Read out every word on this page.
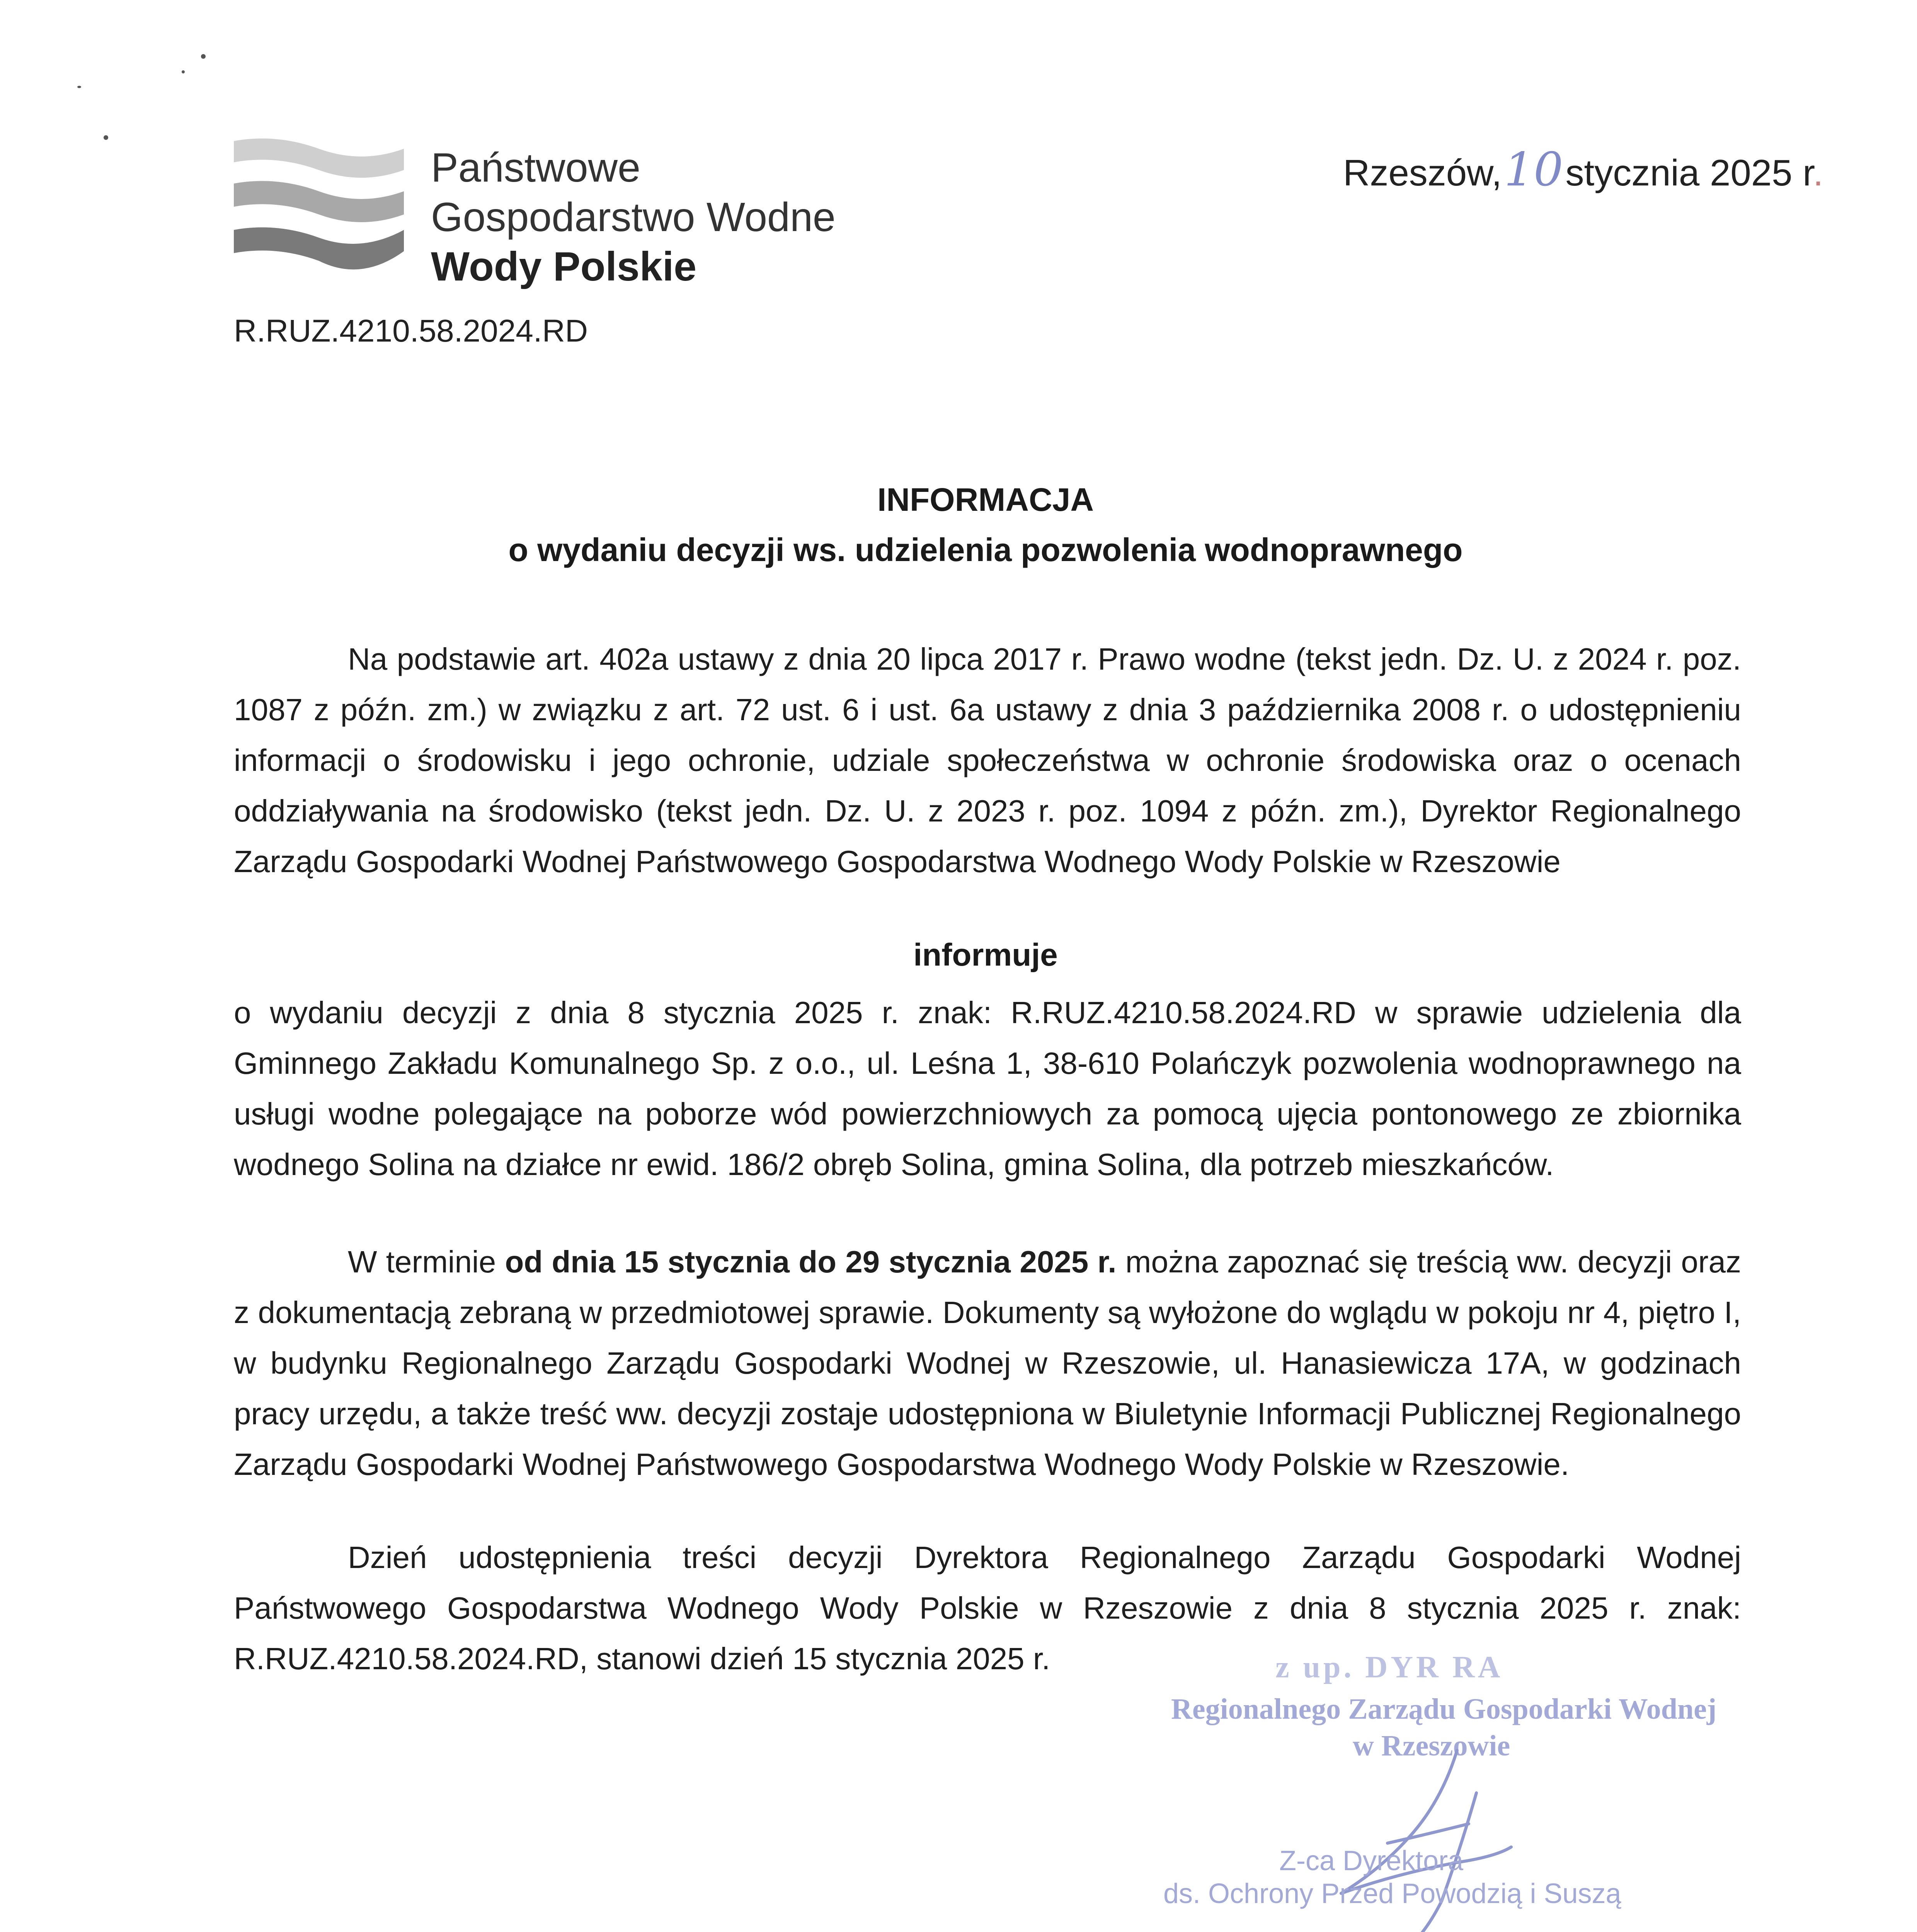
Państwowe
Gospodarstwo Wodne
Wody Polskie
Rzeszów,10stycznia 2025 r.
R.RUZ.4210.58.2024.RD
INFORMACJA
o wydaniu decyzji ws. udzielenia pozwolenia wodnoprawnego
Na podstawie art. 402a ustawy z dnia 20 lipca 2017 r. Prawo wodne (tekst jedn. Dz. U. z 2024 r. poz. 1087 z późn. zm.) w związku z art. 72 ust. 6 i ust. 6a ustawy z dnia 3 października 2008 r. o udostępnieniu informacji o środowisku i jego ochronie, udziale społeczeństwa w ochronie środowiska oraz o ocenach oddziaływania na środowisko (tekst jedn. Dz. U. z 2023 r. poz. 1094 z późn. zm.), Dyrektor Regionalnego Zarządu Gospodarki Wodnej Państwowego Gospodarstwa Wodnego Wody Polskie w Rzeszowie
informuje
o wydaniu decyzji z dnia 8 stycznia 2025 r. znak: R.RUZ.4210.58.2024.RD w sprawie udzielenia dla Gminnego Zakładu Komunalnego Sp. z o.o., ul. Leśna 1, 38-610 Polańczyk pozwolenia wodnoprawnego na usługi wodne polegające na poborze wód powierzchniowych za pomocą ujęcia pontonowego ze zbiornika wodnego Solina na działce nr ewid. 186/2 obręb Solina, gmina Solina, dla potrzeb mieszkańców.
W terminie od dnia 15 stycznia do 29 stycznia 2025 r. można zapoznać się treścią ww. decyzji oraz z dokumentacją zebraną w przedmiotowej sprawie. Dokumenty są wyłożone do wglądu w pokoju nr 4, piętro I, w budynku Regionalnego Zarządu Gospodarki Wodnej w Rzeszowie, ul. Hanasiewicza 17A, w godzinach pracy urzędu, a także treść ww. decyzji zostaje udostępniona w Biuletynie Informacji Publicznej Regionalnego Zarządu Gospodarki Wodnej Państwowego Gospodarstwa Wodnego Wody Polskie w Rzeszowie.
Dzień udostępnienia treści decyzji Dyrektora Regionalnego Zarządu Gospodarki Wodnej Państwowego Gospodarstwa Wodnego Wody Polskie w Rzeszowie z dnia 8 stycznia 2025 r. znak: R.RUZ.4210.58.2024.RD, stanowi dzień 15 stycznia 2025 r.	z up. DYR RA
Regionalnego Zarządu Gospodarki Wodnej
w Rzeszowie
Z-ca Dyrektora
ds. Ochrony Przed Powodzią i Suszą
